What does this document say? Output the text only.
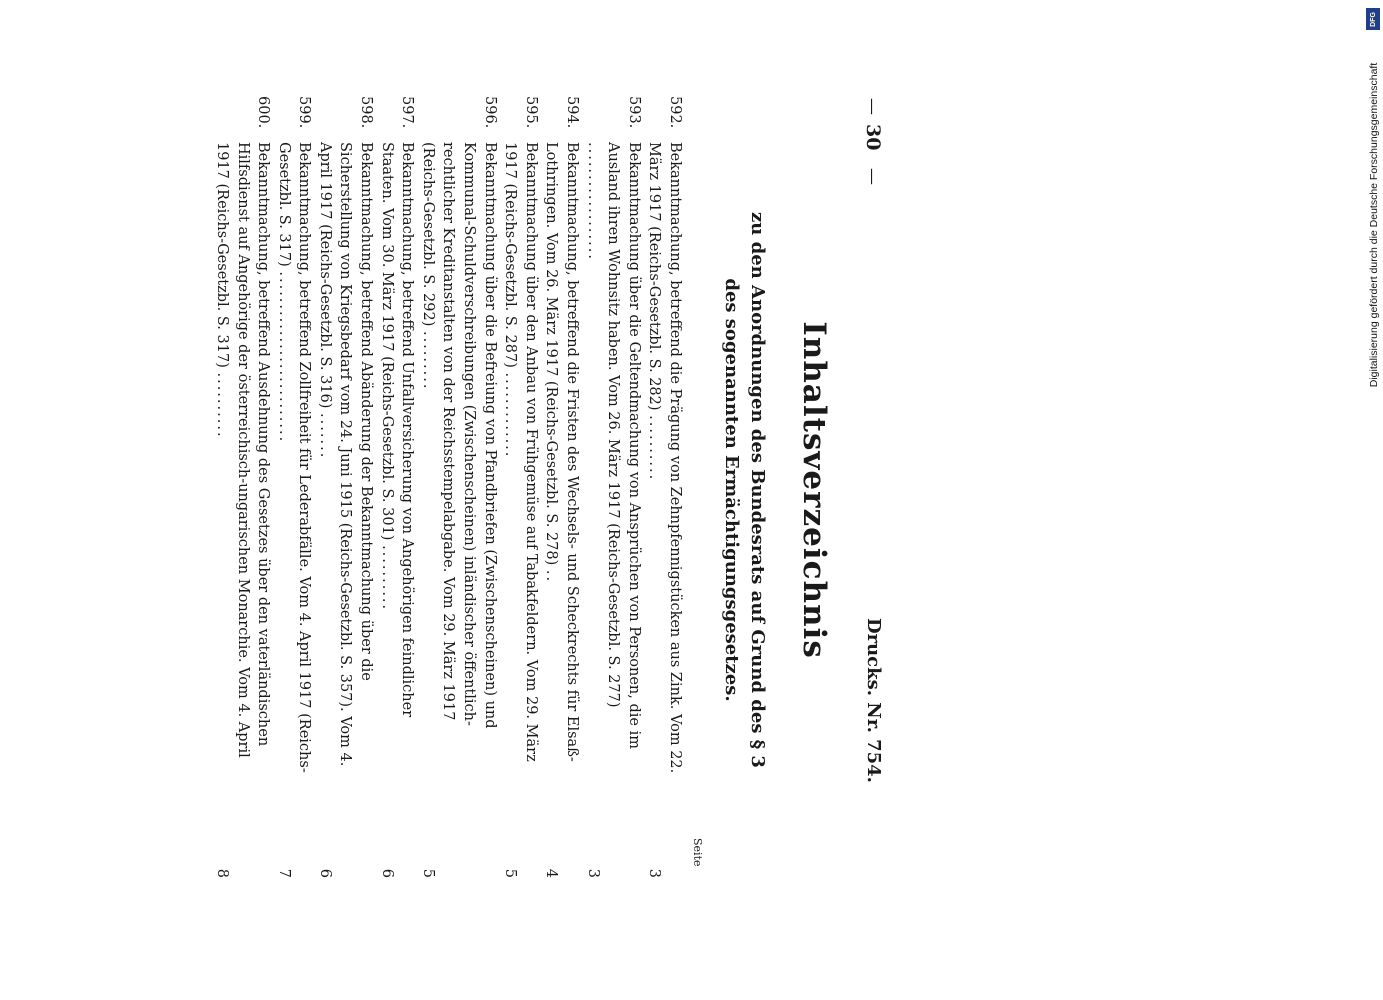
—
30
—
Drucks. Nr. 754.
Inhaltsverzeichnis
zu den Anordnungen des Bundesrats auf Grund des § 3
des sogenannten Ermächtigungsgesetzes.
Seite
592.
Bekanntmachung, betreffend die Prägung von Zehnpfennigstücken aus Zink. Vom 22. März 1917 (Reichs-Gesetzbl. S. 282) ..........
3
593.
Bekanntmachung über die Geltendmachung von Ansprüchen von Personen, die im Ausland ihren Wohnsitz haben. Vom 26. März 1917 (Reichs-Gesetzbl. S. 277) ..................
3
594.
Bekanntmachung, betreffend die Fristen des Wechsels- und Scheckrechts für Elsaß-Lothringen. Vom 26. März 1917 (Reichs-Gesetzbl. S. 278) ..
4
595.
Bekanntmachung über den Anbau von Frühgemüse auf Tabakfeldern. Vom 29. März 1917 (Reichs-Gesetzbl. S. 287) .............
5
596.
Bekanntmachung über die Befreiung von Pfandbriefen (Zwischenscheinen) und Kommunal-Schuldverschreibungen (Zwischenscheinen) inländischer öffentlich-rechtlicher Kreditanstalten von der Reichsstempelabgabe. Vom 29. März 1917 (Reichs-Gesetzbl. S. 292) .........
5
597.
Bekanntmachung, betreffend Unfallversicherung von Angehörigen feindlicher Staaten. Vom 30. März 1917 (Reichs-Gesetzbl. S. 301) ..........
6
598.
Bekanntmachung, betreffend Abänderung der Bekanntmachung über die Sicherstellung von Kriegsbedarf vom 24. Juni 1915 (Reichs-Gesetzbl. S. 357). Vom 4. April 1917 (Reichs-Gesetzbl. S. 316) .......
6
599.
Bekanntmachung, betreffend Zollfreiheit für Lederabfälle. Vom 4. April 1917 (Reichs-Gesetzbl. S. 317) ..........................
7
600.
Bekanntmachung, betreffend Ausdehnung des Gesetzes über den vaterländischen Hilfsdienst auf Angehörige der österreichisch-ungarischen Monarchie. Vom 4. April 1917 (Reichs-Gesetzbl. S. 317) ..........
8
DFG
Digitalisierung gefördert durch die Deutsche Forschungsgemeinschaft
